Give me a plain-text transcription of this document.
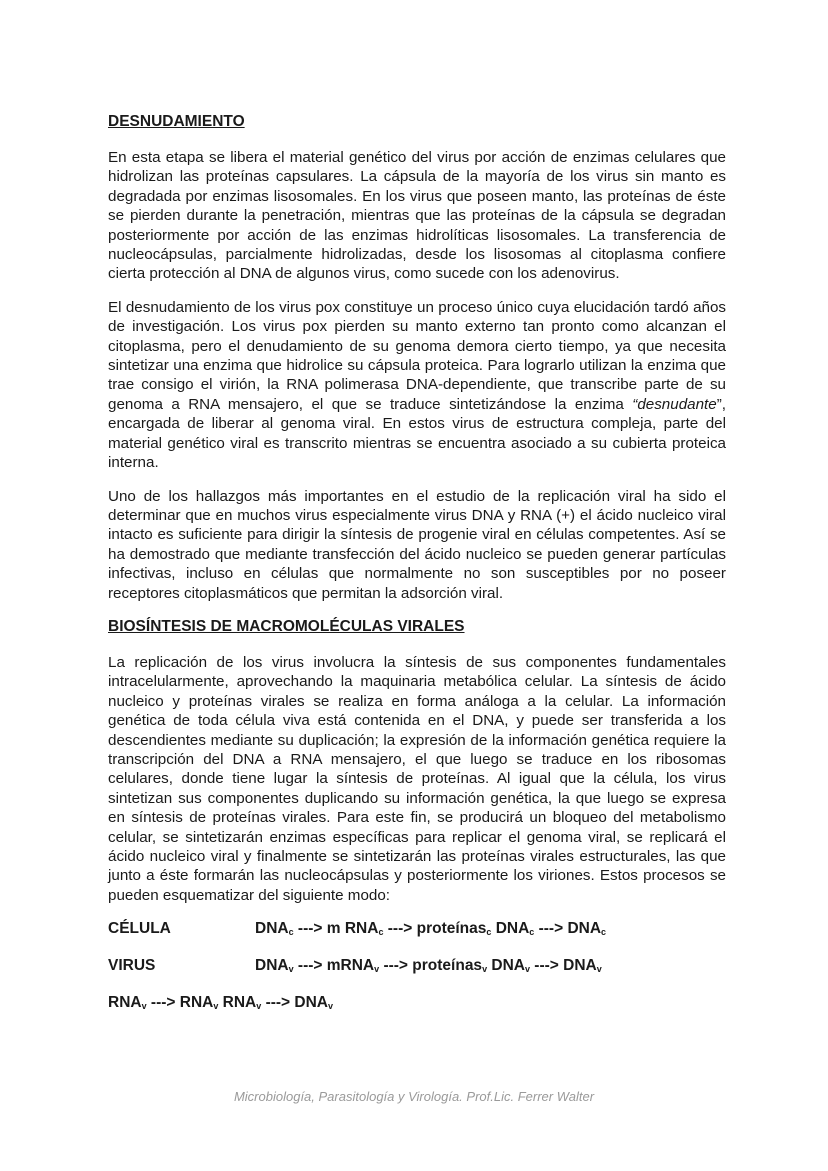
DESNUDAMIENTO

En esta etapa se libera el material genético del virus por acción de enzimas celulares que hidrolizan las proteínas capsulares. La cápsula de la mayoría de los virus sin manto es degradada por enzimas lisosomales. En los virus que poseen manto, las proteínas de éste se pierden durante la penetración, mientras que las proteínas de la cápsula se degradan posteriormente por acción de las enzimas hidrolíticas lisosomales. La transferencia de nucleocápsulas, parcialmente hidrolizadas, desde los lisosomas al citoplasma confiere cierta protección al DNA de algunos virus, como sucede con los adenovirus.

El desnudamiento de los virus pox constituye un proceso único cuya elucidación tardó años de investigación. Los virus pox pierden su manto externo tan pronto como alcanzan el citoplasma, pero el denudamiento de su genoma demora cierto tiempo, ya que necesita sintetizar una enzima que hidrolice su cápsula proteica. Para lograrlo utilizan la enzima que trae consigo el virión, la RNA polimerasa DNA-dependiente, que transcribe parte de su genoma a RNA mensajero, el que se traduce sintetizándose la enzima “desnudante”, encargada de liberar al genoma viral. En estos virus de estructura compleja, parte del material genético viral es transcrito mientras se encuentra asociado a su cubierta proteica interna.

Uno de los hallazgos más importantes en el estudio de la replicación viral ha sido el determinar que en muchos virus especialmente virus DNA y RNA (+) el ácido nucleico viral intacto es suficiente para dirigir la síntesis de progenie viral en células competentes. Así se ha demostrado que mediante transfección del ácido nucleico se pueden generar partículas infectivas, incluso en células que normalmente no son susceptibles por no poseer receptores citoplasmáticos que permitan la adsorción viral.

BIOSÍNTESIS DE MACROMOLÉCULAS VIRALES

La replicación de los virus involucra la síntesis de sus componentes fundamentales intracelularmente, aprovechando la maquinaria metabólica celular. La síntesis de ácido nucleico y proteínas virales se realiza en forma análoga a la celular. La información genética de toda célula viva está contenida en el DNA, y puede ser transferida a los descendientes mediante su duplicación; la expresión de la información genética requiere la transcripción del DNA a RNA mensajero, el que luego se traduce en los ribosomas celulares, donde tiene lugar la síntesis de proteínas. Al igual que la célula, los virus sintetizan sus componentes duplicando su información genética, la que luego se expresa en síntesis de proteínas virales. Para este fin, se producirá un bloqueo del metabolismo celular, se sintetizarán enzimas específicas para replicar el genoma viral, se replicará el ácido nucleico viral y finalmente se sintetizarán las proteínas virales estructurales, las que junto a éste formarán las nucleocápsulas y posteriormente los viriones. Estos procesos se pueden esquematizar del siguiente modo:

CÉLULA	$DNA_c$ ---> m $RNA_c$ ---> proteínas$_c$ $DNA_c$ ---> $DNA_c$
VIRUS	$DNA_v$ ---> mRNA$_v$ ---> proteínas$_v$ $DNA_v$ ---> $DNA_v$
$RNA_v$ ---> $RNA_v$ $RNA_v$ ---> $DNA_v$
Microbiología, Parasitología y Virología. Prof.Lic. Ferrer Walter
